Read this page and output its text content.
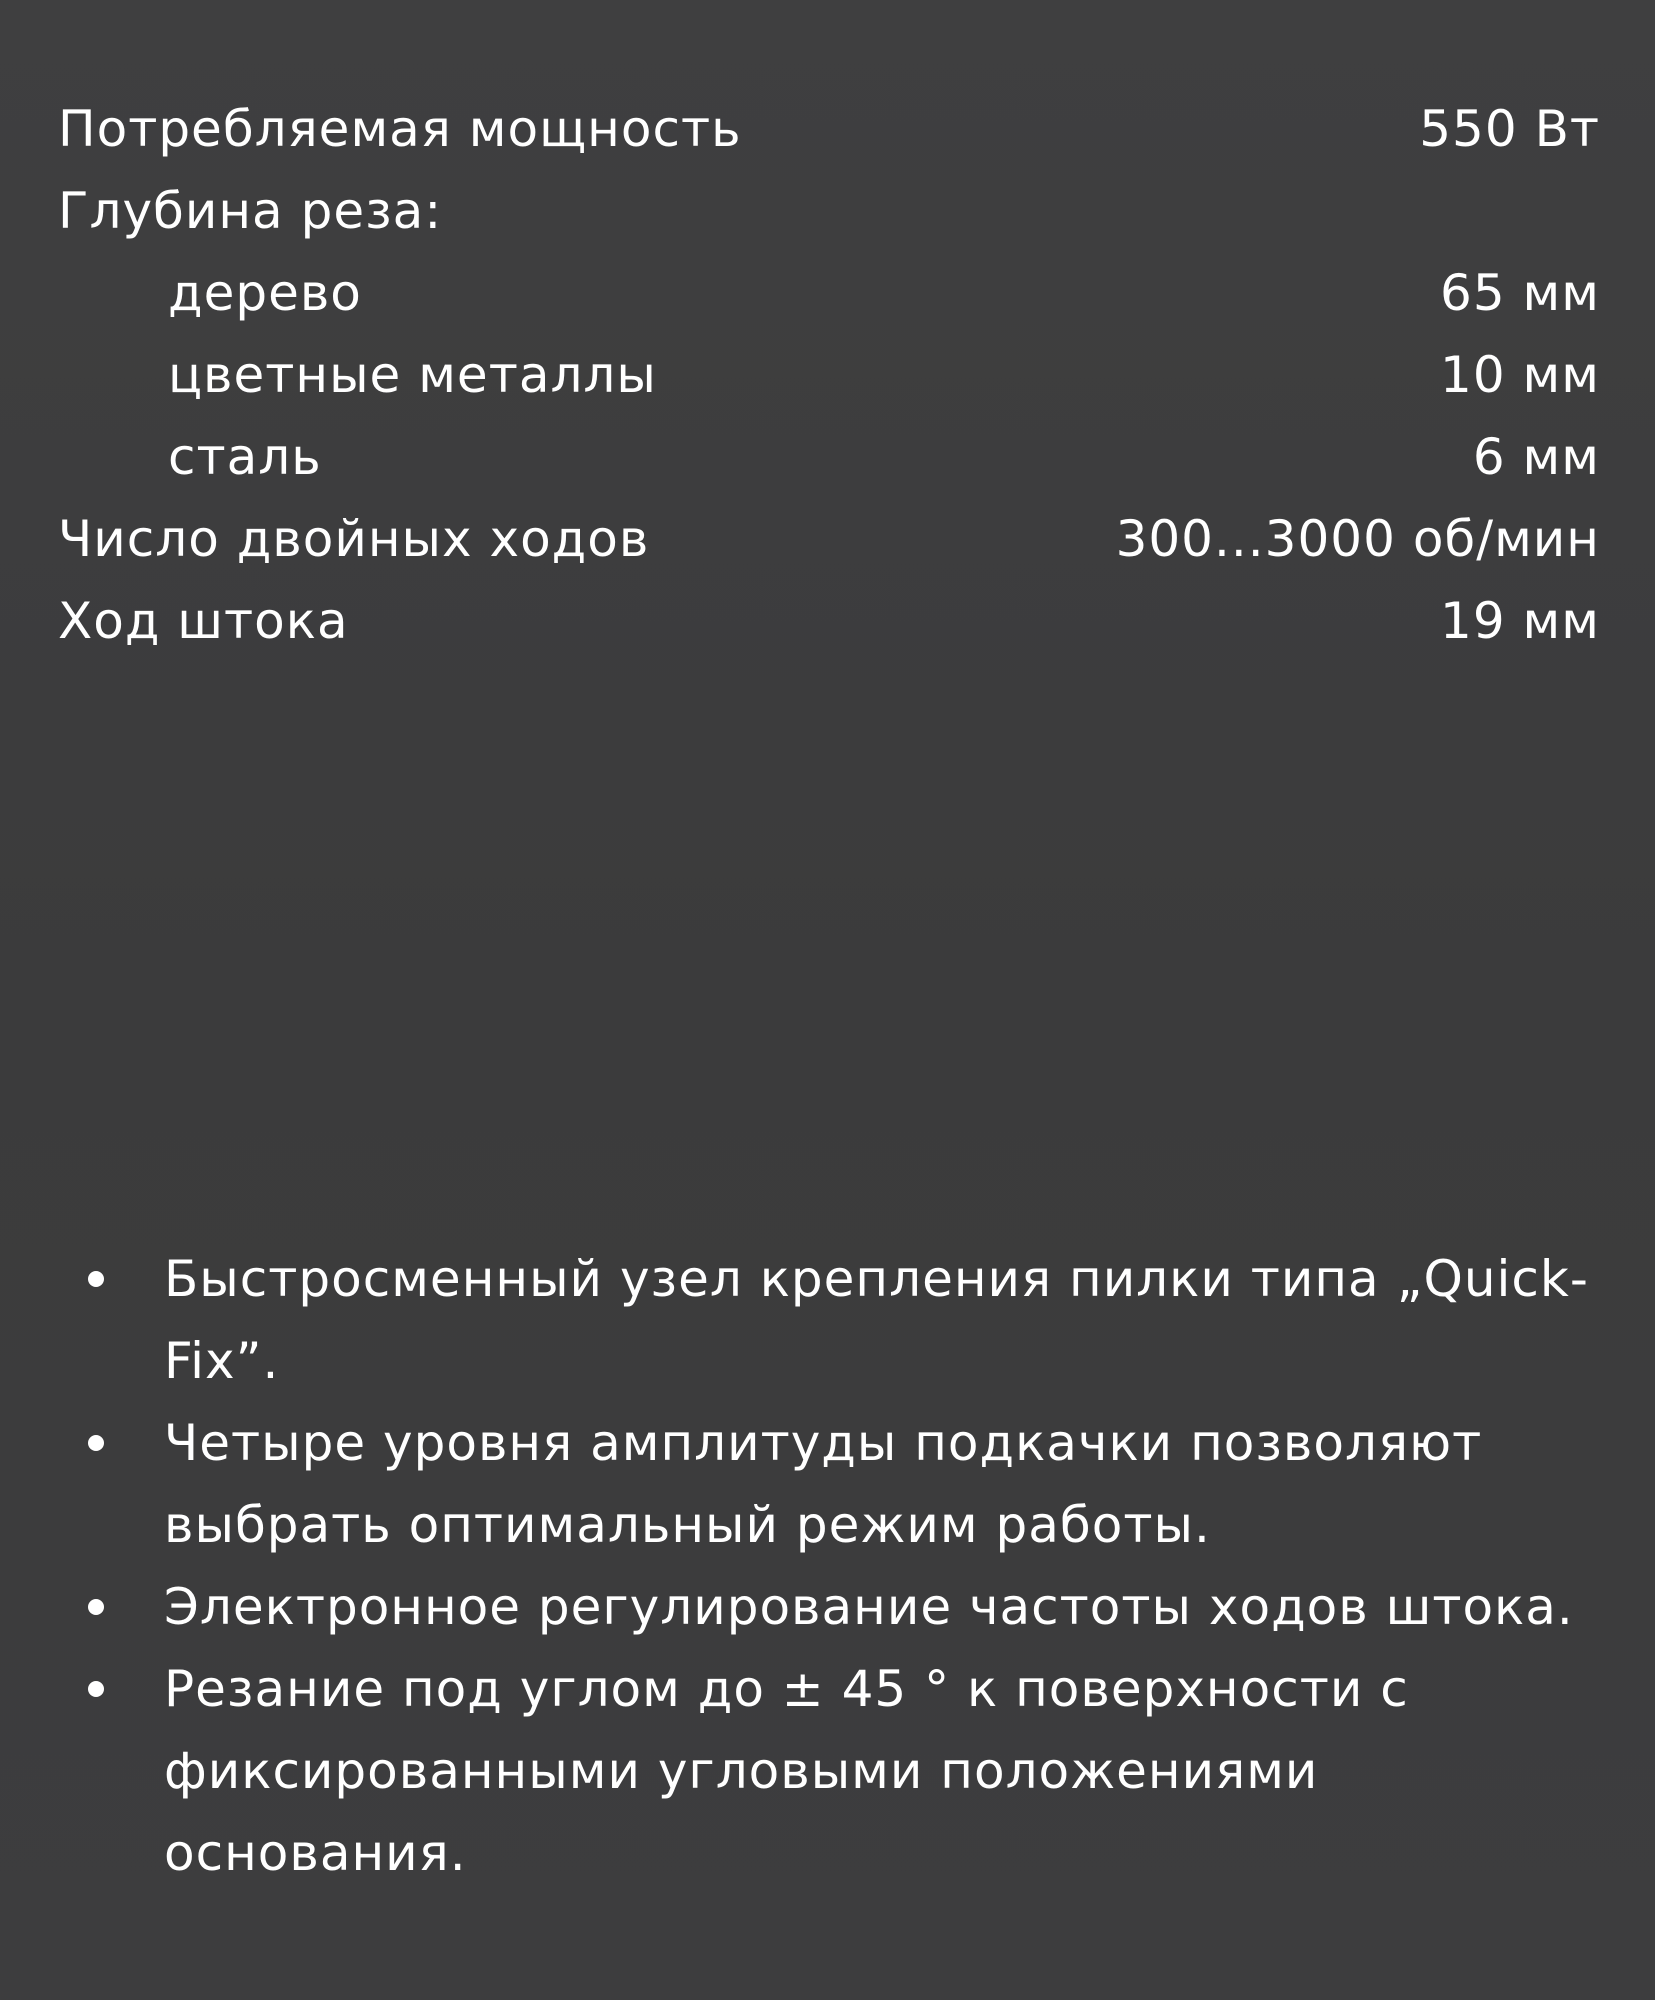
Потребляемая мощность	550 Вт
Глубина реза:
дерево	65 мм
цветные металлы	10 мм
сталь	6 мм
Число двойных ходов	300...3000 об/мин
Ход штока	19 мм
Быстросменный узел крепления пилки типа „Quick-Fix”.
Четыре уровня амплитуды подкачки позволяют выбрать оптимальный режим работы.
Электронное регулирование частоты ходов штока.
Резание под углом до ± 45 ° к поверхности с фиксированными угловыми положениями основания.
